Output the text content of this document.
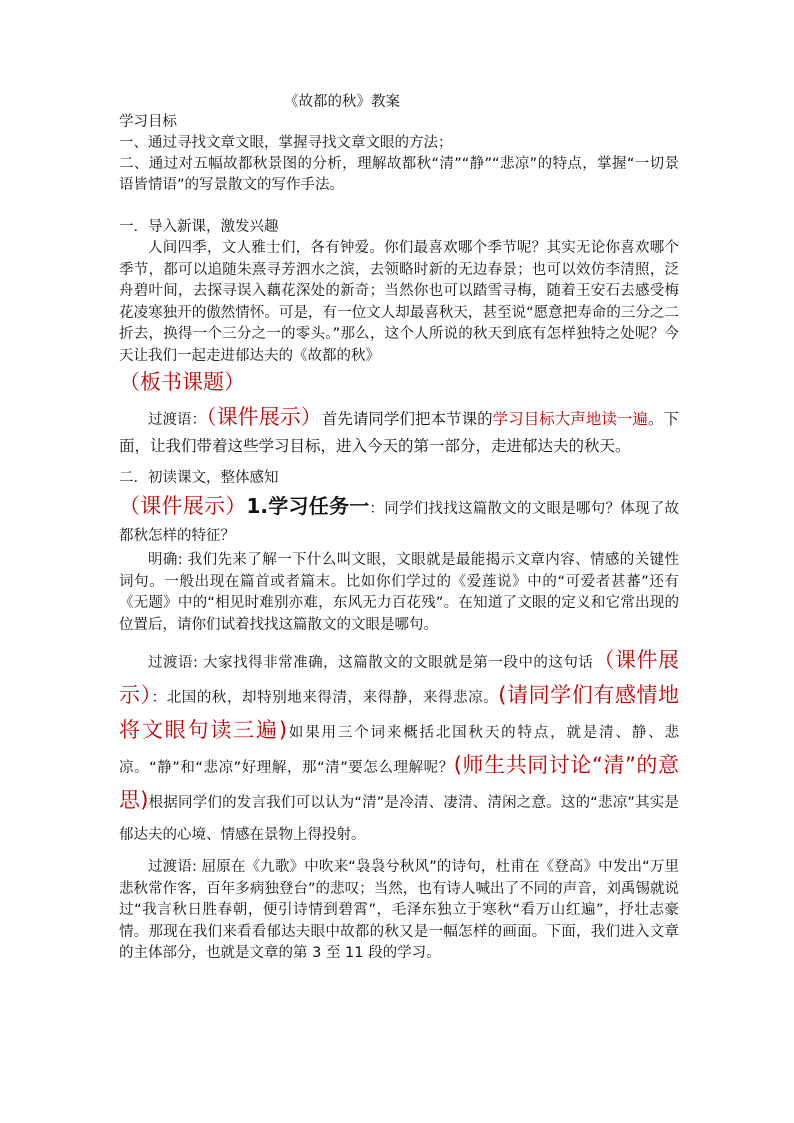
《故都的秋》教案

学习目标

一、通过寻找文章文眼，掌握寻找文章文眼的方法；

二、通过对五幅故都秋景图的分析，理解故都秋“清”“静”“悲凉”的特点，掌握“一切景语皆情语”的写景散文的写作手法。

一．导入新课，激发兴趣

人间四季，文人雅士们，各有钟爱。你们最喜欢哪个季节呢？其实无论你喜欢哪个季节，都可以追随朱熹寻芳泗水之滨，去领略时新的无边春景；也可以效仿李清照，泛舟碧叶间，去探寻误入藕花深处的新奇；当然你也可以踏雪寻梅，随着王安石去感受梅花凌寒独开的傲然情怀。可是，有一位文人却最喜秋天，甚至说“愿意把寿命的三分之二折去，换得一个三分之一的零头。”那么，这个人所说的秋天到底有怎样独特之处呢？今天让我们一起走进郁达夫的《故都的秋》

（板书课题）

过渡语：（课件展示）首先请同学们把本节课的学习目标大声地读一遍。下面，让我们带着这些学习目标，进入今天的第一部分，走进郁达夫的秋天。

二．初读课文，整体感知

（课件展示）1.学习任务一：同学们找找这篇散文的文眼是哪句？体现了故都秋怎样的特征？

明确: 我们先来了解一下什么叫文眼，文眼就是最能揭示文章内容、情感的关键性词句。一般出现在篇首或者篇末。比如你们学过的《爱莲说》中的“可爱者甚蕃”还有《无题》中的“相见时难别亦难，东风无力百花残”。在知道了文眼的定义和它常出现的位置后，请你们试着找找这篇散文的文眼是哪句。

过渡语: 大家找得非常准确，这篇散文的文眼就是第一段中的这句话（课件展示）：北国的秋，却特别地来得清，来得静，来得悲凉。(请同学们有感情地将文眼句读三遍)如果用三个词来概括北国秋天的特点，就是清、静、悲凉。“静”和“悲凉”好理解，那“清”要怎么理解呢？(师生共同讨论“清”的意思)根据同学们的发言我们可以认为“清”是冷清、凄清、清闲之意。这的“悲凉”其实是郁达夫的心境、情感在景物上得投射。

过渡语: 屈原在《九歌》中吹来“袅袅兮秋风”的诗句，杜甫在《登高》中发出“万里悲秋常作客，百年多病独登台”的悲叹；当然，也有诗人喊出了不同的声音，刘禹锡就说过“我言秋日胜春朝，便引诗情到碧霄”，毛泽东独立于寒秋“看万山红遍”，抒壮志豪情。那现在我们来看看郁达夫眼中故都的秋又是一幅怎样的画面。下面，我们进入文章的主体部分，也就是文章的第 3 至 11 段的学习。
